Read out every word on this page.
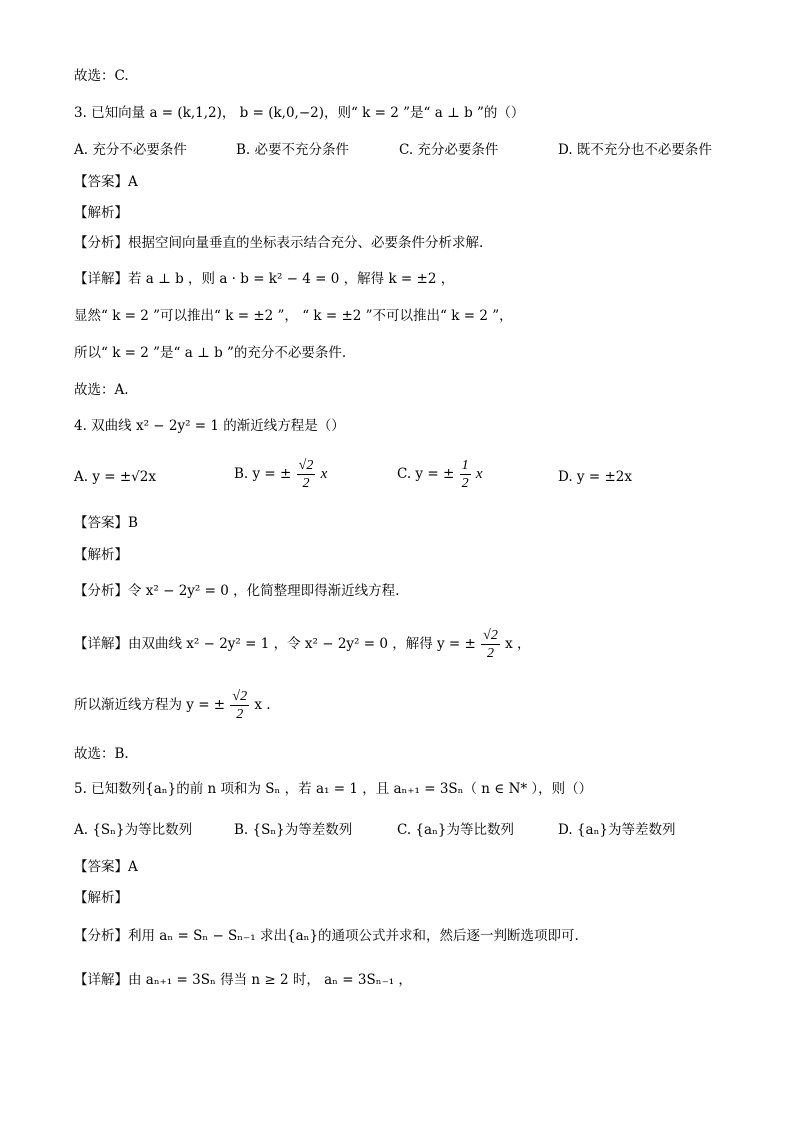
故选：C.
3. 已知向量 a = (k,1,2)， b = (k,0,−2)，则“ k = 2 ”是“ a ⊥ b ”的（）
A. 充分不必要条件	B. 必要不充分条件	C. 充分必要条件	D. 既不充分也不必要条件
【答案】A
【解析】
【分析】根据空间向量垂直的坐标表示结合充分、必要条件分析求解.
【详解】若 a ⊥ b ，则 a · b = k² − 4 = 0 ，解得 k = ±2 ，
显然“ k = 2 ”可以推出“ k = ±2 ”， “ k = ±2 ”不可以推出“ k = 2 ”，
所以“ k = 2 ”是“ a ⊥ b ”的充分不必要条件.
故选：A.
4. 双曲线 x² − 2y² = 1 的渐近线方程是（）
A. y = ±√2x	B. y = ± $\frac{√2}{2}$ x	C. y = ± $\frac{1}{2}$ x	D. y = ±2x
【答案】B
【解析】
【分析】令 x² − 2y² = 0 ，化简整理即得渐近线方程.
【详解】由双曲线 x² − 2y² = 1 ，令 x² − 2y² = 0 ，解得 y = ± $\frac{√2}{2}$ x ，
所以渐近线方程为 y = ± $\frac{√2}{2}$ x .
故选：B.
5. 已知数列{aₙ}的前 n 项和为 Sₙ ，若 a₁ = 1 ，且 aₙ₊₁ = 3Sₙ（ n ∈ N* ），则（）
A. {Sₙ}为等比数列	B. {Sₙ}为等差数列	C. {aₙ}为等比数列	D. {aₙ}为等差数列
【答案】A
【解析】
【分析】利用 aₙ = Sₙ − Sₙ₋₁ 求出{aₙ}的通项公式并求和，然后逐一判断选项即可.
【详解】由 aₙ₊₁ = 3Sₙ 得当 n ≥ 2 时， aₙ = 3Sₙ₋₁ ，
